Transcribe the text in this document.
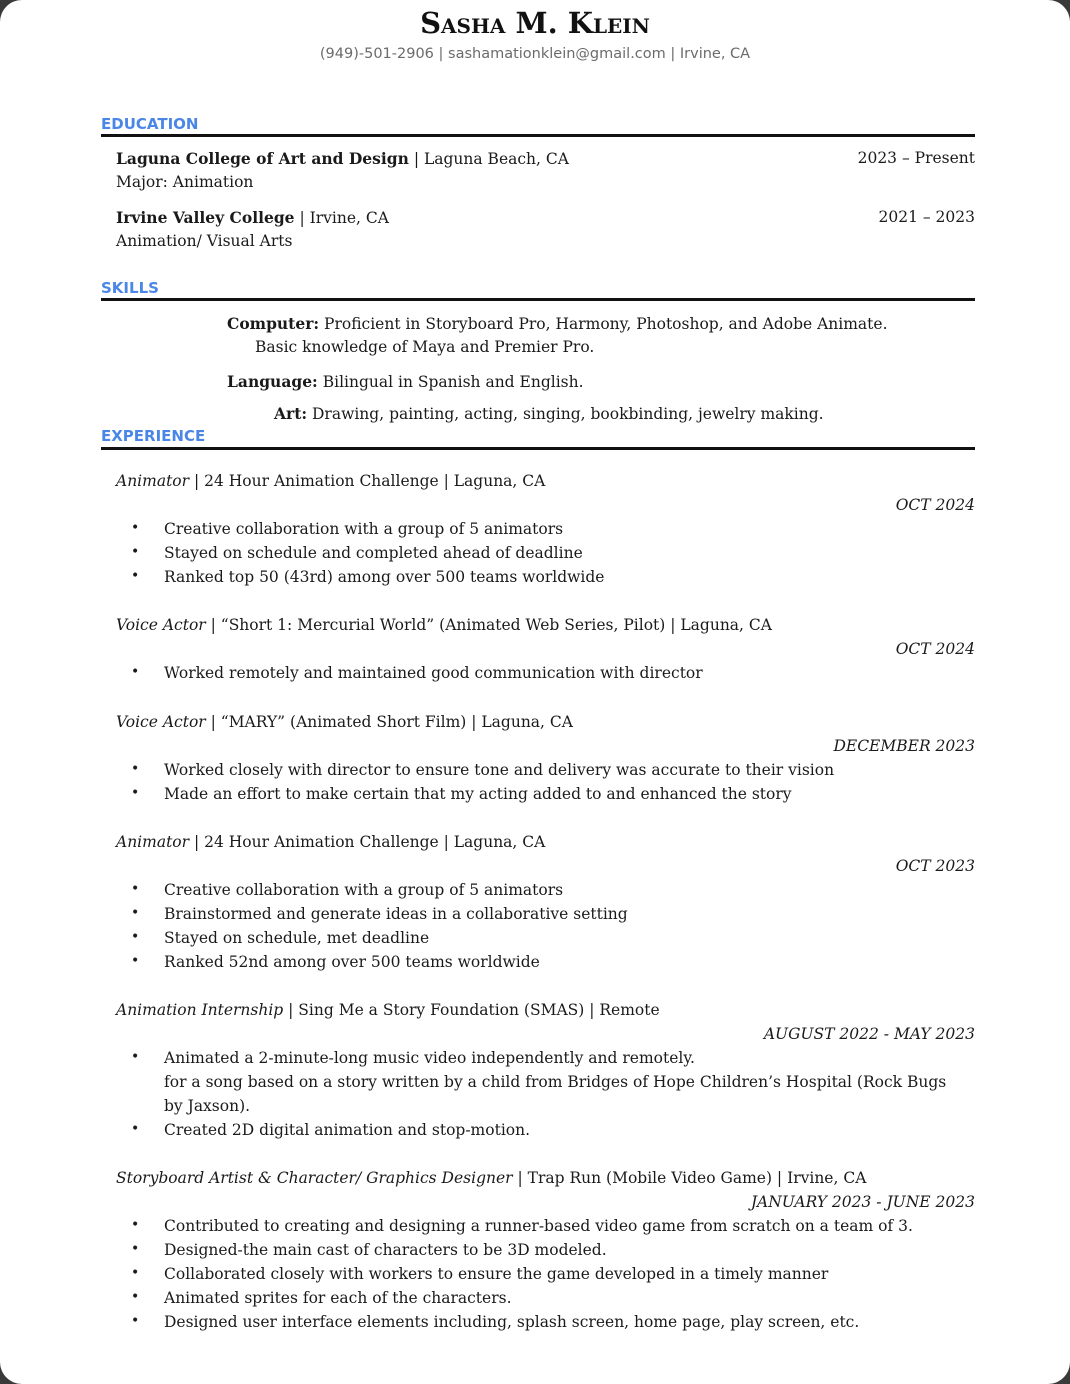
Sasha M. Klein
(949)-501-2906 | sashamationklein@gmail.com | Irvine, CA
EDUCATION
Laguna College of Art and Design | Laguna Beach, CA	2023 – Present
Major: Animation
Irvine Valley College | Irvine, CA	2021 – 2023
Animation/ Visual Arts
SKILLS
Computer: Proficient in Storyboard Pro, Harmony, Photoshop, and Adobe Animate.
Basic knowledge of Maya and Premier Pro.
Language: Bilingual in Spanish and English.
Art: Drawing, painting, acting, singing, bookbinding, jewelry making.
EXPERIENCE
Animator | 24 Hour Animation Challenge | Laguna, CA
OCT 2024
• Creative collaboration with a group of 5 animators
• Stayed on schedule and completed ahead of deadline
• Ranked top 50 (43rd) among over 500 teams worldwide
Voice Actor | “Short 1: Mercurial World” (Animated Web Series, Pilot) | Laguna, CA
OCT 2024
• Worked remotely and maintained good communication with director
Voice Actor | “MARY” (Animated Short Film) | Laguna, CA
DECEMBER 2023
• Worked closely with director to ensure tone and delivery was accurate to their vision
• Made an effort to make certain that my acting added to and enhanced the story
Animator | 24 Hour Animation Challenge | Laguna, CA
OCT 2023
• Creative collaboration with a group of 5 animators
• Brainstormed and generate ideas in a collaborative setting
• Stayed on schedule, met deadline
• Ranked 52nd among over 500 teams worldwide
Animation Internship | Sing Me a Story Foundation (SMAS) | Remote
AUGUST 2022 - MAY 2023
• Animated a 2-minute-long music video independently and remotely.
for a song based on a story written by a child from Bridges of Hope Children’s Hospital (Rock Bugs
by Jaxson).
• Created 2D digital animation and stop-motion.
Storyboard Artist & Character/ Graphics Designer | Trap Run (Mobile Video Game) | Irvine, CA
JANUARY 2023 - JUNE 2023
• Contributed to creating and designing a runner-based video game from scratch on a team of 3.
• Designed-the main cast of characters to be 3D modeled.
• Collaborated closely with workers to ensure the game developed in a timely manner
• Animated sprites for each of the characters.
• Designed user interface elements including, splash screen, home page, play screen, etc.
